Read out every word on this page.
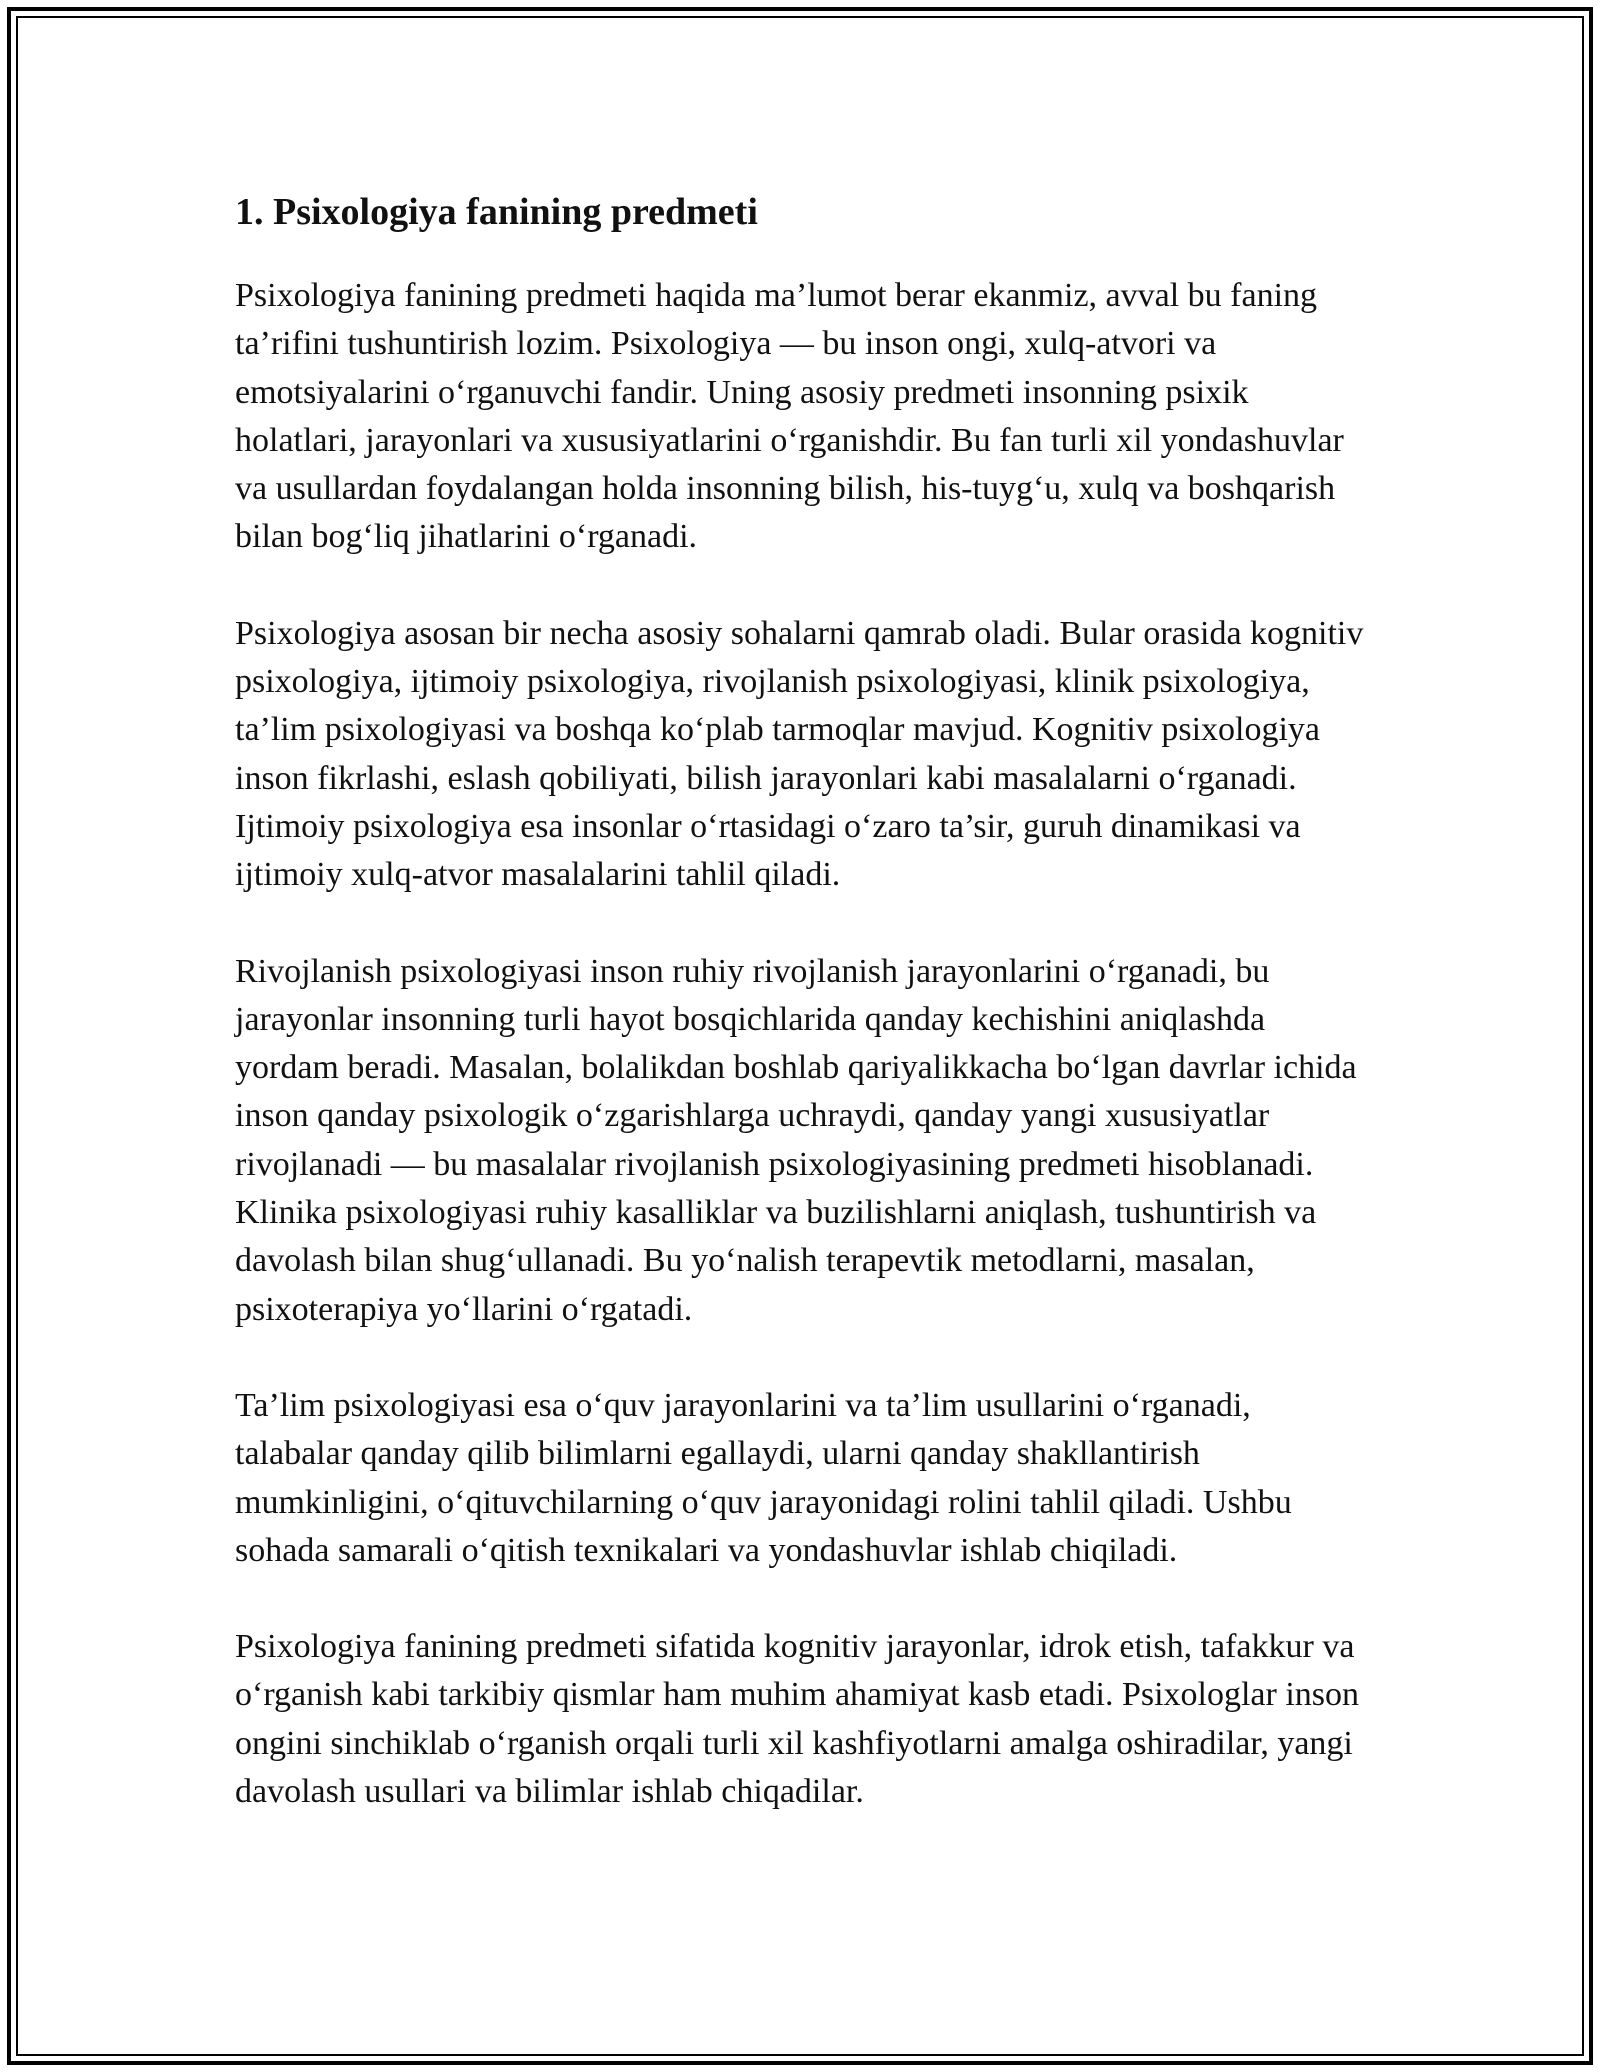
1. Psixologiya fanining predmeti

Psixologiya fanining predmeti haqida ma’lumot berar ekanmiz, avval bu faning ta’rifini tushuntirish lozim. Psixologiya — bu inson ongi, xulq-atvori va emotsiyalarini o‘rganuvchi fandir. Uning asosiy predmeti insonning psixik holatlari, jarayonlari va xususiyatlarini o‘rganishdir. Bu fan turli xil yondashuvlar va usullardan foydalangan holda insonning bilish, his-tuyg‘u, xulq va boshqarish bilan bog‘liq jihatlarini o‘rganadi.

Psixologiya asosan bir necha asosiy sohalarni qamrab oladi. Bular orasida kognitiv psixologiya, ijtimoiy psixologiya, rivojlanish psixologiyasi, klinik psixologiya, ta’lim psixologiyasi va boshqa ko‘plab tarmoqlar mavjud. Kognitiv psixologiya inson fikrlashi, eslash qobiliyati, bilish jarayonlari kabi masalalarni o‘rganadi. Ijtimoiy psixologiya esa insonlar o‘rtasidagi o‘zaro ta’sir, guruh dinamikasi va ijtimoiy xulq-atvor masalalarini tahlil qiladi.

Rivojlanish psixologiyasi inson ruhiy rivojlanish jarayonlarini o‘rganadi, bu jarayonlar insonning turli hayot bosqichlarida qanday kechishini aniqlashda yordam beradi. Masalan, bolalikdan boshlab qariyalikkacha bo‘lgan davrlar ichida inson qanday psixologik o‘zgarishlarga uchraydi, qanday yangi xususiyatlar rivojlanadi — bu masalalar rivojlanish psixologiyasining predmeti hisoblanadi. Klinika psixologiyasi ruhiy kasalliklar va buzilishlarni aniqlash, tushuntirish va davolash bilan shug‘ullanadi. Bu yo‘nalish terapevtik metodlarni, masalan, psixoterapiya yo‘llarini o‘rgatadi.

Ta’lim psixologiyasi esa o‘quv jarayonlarini va ta’lim usullarini o‘rganadi, talabalar qanday qilib bilimlarni egallaydi, ularni qanday shakllantirish mumkinligini, o‘qituvchilarning o‘quv jarayonidagi rolini tahlil qiladi. Ushbu sohada samarali o‘qitish texnikalari va yondashuvlar ishlab chiqiladi.

Psixologiya fanining predmeti sifatida kognitiv jarayonlar, idrok etish, tafakkur va o‘rganish kabi tarkibiy qismlar ham muhim ahamiyat kasb etadi. Psixologlar inson ongini sinchiklab o‘rganish orqali turli xil kashfiyotlarni amalga oshiradilar, yangi davolash usullari va bilimlar ishlab chiqadilar.
